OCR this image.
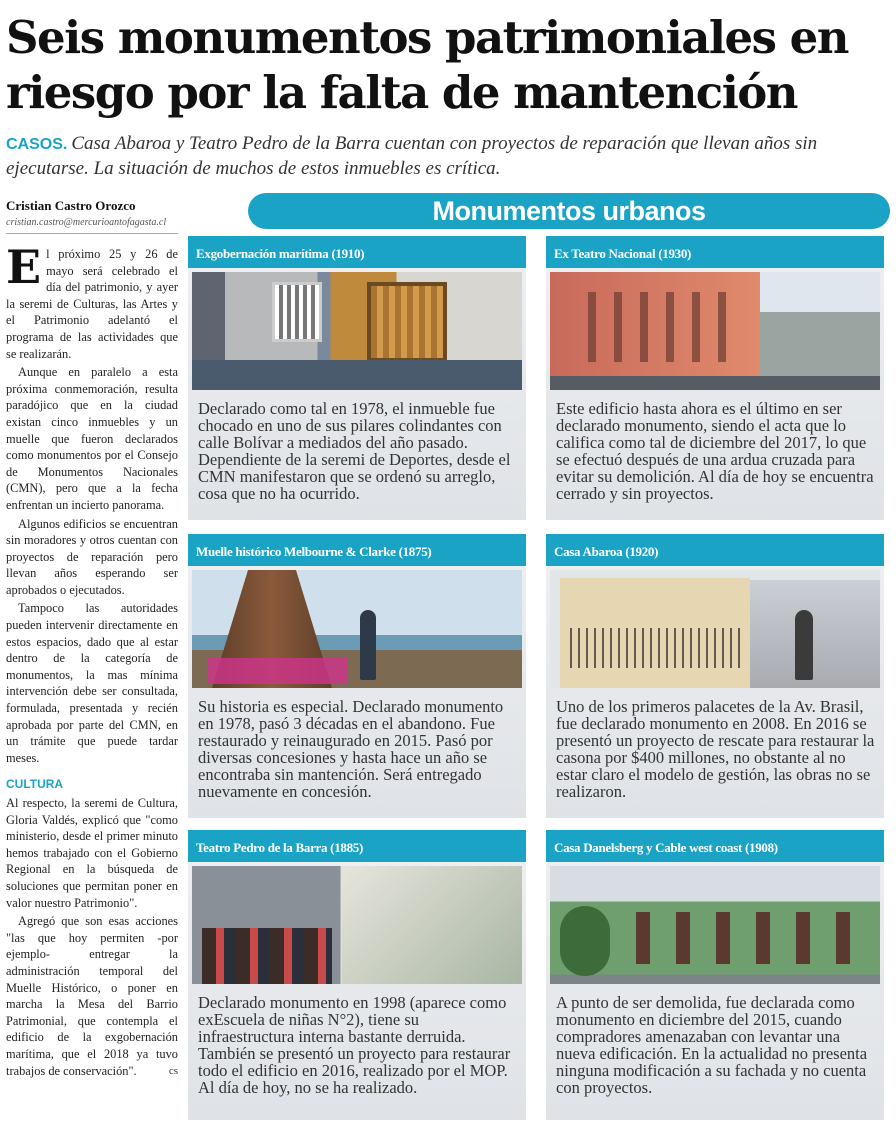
Seis monumentos patrimoniales en riesgo por la falta de mantención
CASOS. Casa Abaroa y Teatro Pedro de la Barra cuentan con proyectos de reparación que llevan años sin ejecutarse. La situación de muchos de estos inmuebles es crítica.
Cristian Castro Orozco
cristian.castro@mercurioantofagasta.cl

El próximo 25 y 26 de mayo será celebrado el día del patrimonio, y ayer la seremi de Culturas, las Artes y el Patrimonio adelantó el programa de las actividades que se realizarán.

Aunque en paralelo a esta próxima conmemoración, resulta paradójico que en la ciudad existan cinco inmuebles y un muelle que fueron declarados como monumentos por el Consejo de Monumentos Nacionales (CMN), pero que a la fecha enfrentan un incierto panorama.

Algunos edificios se encuentran sin moradores y otros cuentan con proyectos de reparación pero llevan años esperando ser aprobados o ejecutados.

Tampoco las autoridades pueden intervenir directamente en estos espacios, dado que al estar dentro de la categoría de monumentos, la mas mínima intervención debe ser consultada, formulada, presentada y recién aprobada por parte del CMN, en un trámite que puede tardar meses.

CULTURA

Al respecto, la seremi de Cultura, Gloria Valdés, explicó que "como ministerio, desde el primer minuto hemos trabajado con el Gobierno Regional en la búsqueda de soluciones que permitan poner en valor nuestro Patrimonio".

Agregó que son esas acciones "las que hoy permiten -por ejemplo- entregar la administración temporal del Muelle Histórico, o poner en marcha la Mesa del Barrio Patrimonial, que contempla el edificio de la exgobernación marítima, que el 2018 ya tuvo trabajos de conservación".	cs

Monumentos urbanos
Exgobernación marítima (1910)
Declarado como tal en 1978, el inmueble fue chocado en uno de sus pilares colindantes con calle Bolívar a mediados del año pasado. Dependiente de la seremi de Deportes, desde el CMN manifestaron que se ordenó su arreglo, cosa que no ha ocurrido.
Ex Teatro Nacional (1930)
Este edificio hasta ahora es el último en ser declarado monumento, siendo el acta que lo califica como tal de diciembre del 2017, lo que se efectuó después de una ardua cruzada para evitar su demolición. Al día de hoy se encuentra cerrado y sin proyectos.
Muelle histórico Melbourne & Clarke (1875)
Su historia es especial. Declarado monumento en 1978, pasó 3 décadas en el abandono. Fue restaurado y reinaugurado en 2015. Pasó por diversas concesiones y hasta hace un año se encontraba sin mantención. Será entregado nuevamente en concesión.
Casa Abaroa (1920)
Uno de los primeros palacetes de la Av. Brasil, fue declarado monumento en 2008. En 2016 se presentó un proyecto de rescate para restaurar la casona por $400 millones, no obstante al no estar claro el modelo de gestión, las obras no se realizaron.
Teatro Pedro de la Barra (1885)
Declarado monumento en 1998 (aparece como exEscuela de niñas N°2), tiene su infraestructura interna bastante derruida. También se presentó un proyecto para restaurar todo el edificio en 2016, realizado por el MOP. Al día de hoy, no se ha realizado.
Casa Danelsberg y Cable west coast (1908)
A punto de ser demolida, fue declarada como monumento en diciembre del 2015, cuando compradores amenazaban con levantar una nueva edificación. En la actualidad no presenta ninguna modificación a su fachada y no cuenta con proyectos.
